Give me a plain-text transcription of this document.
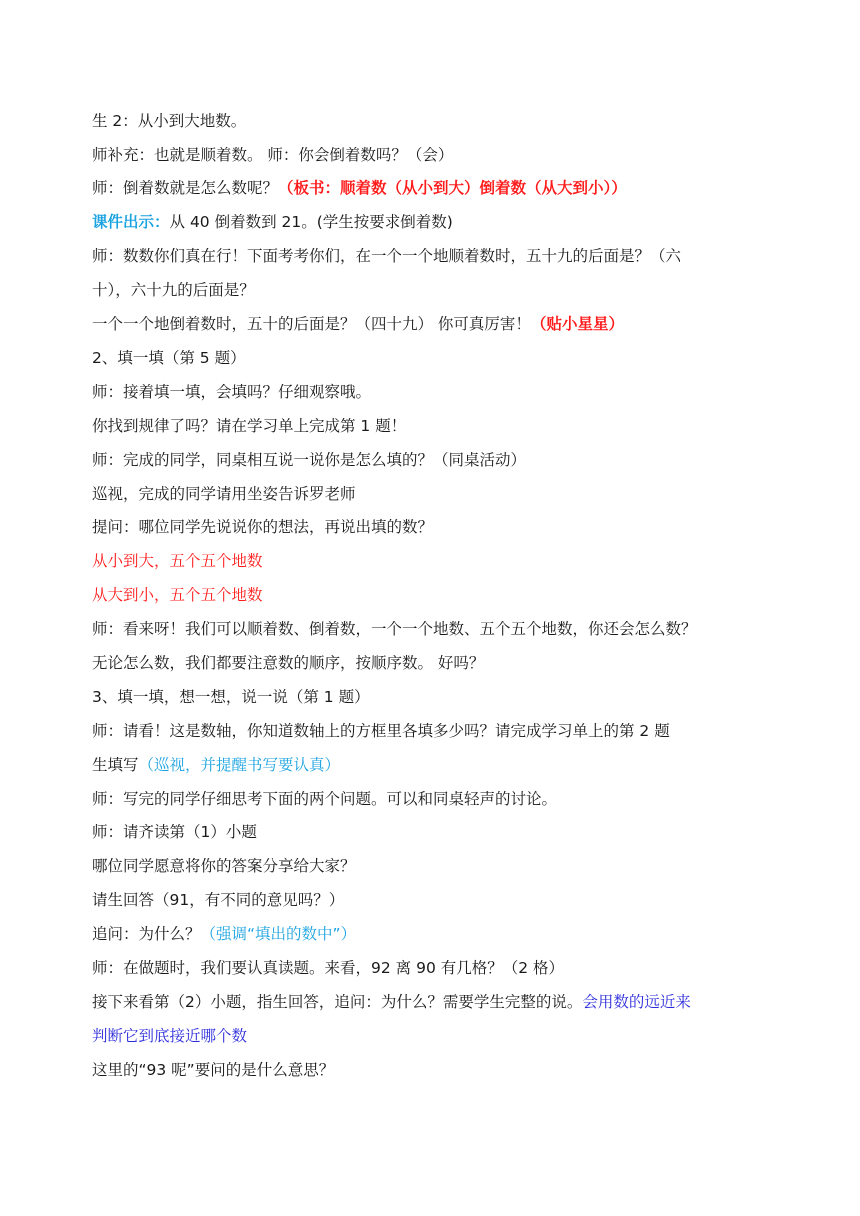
生 2：从小到大地数。
师补充：也就是顺着数。 师：你会倒着数吗？（会）
师：倒着数就是怎么数呢？（板书：顺着数（从小到大）倒着数（从大到小））
课件出示：从 40 倒着数到 21。(学生按要求倒着数)
师：数数你们真在行！下面考考你们，在一个一个地顺着数时，五十九的后面是？（六
十），六十九的后面是？
一个一个地倒着数时，五十的后面是？（四十九） 你可真厉害！（贴小星星）
2、填一填（第 5 题）
师：接着填一填，会填吗？仔细观察哦。
你找到规律了吗？请在学习单上完成第 1 题！
师：完成的同学，同桌相互说一说你是怎么填的？（同桌活动）
巡视，完成的同学请用坐姿告诉罗老师
提问：哪位同学先说说你的想法，再说出填的数？
从小到大，五个五个地数
从大到小，五个五个地数
师：看来呀！我们可以顺着数、倒着数，一个一个地数、五个五个地数，你还会怎么数？
无论怎么数，我们都要注意数的顺序，按顺序数。 好吗？
3、填一填，想一想，说一说（第 1 题）
师：请看！这是数轴，你知道数轴上的方框里各填多少吗？请完成学习单上的第 2 题
生填写（巡视，并提醒书写要认真）
师：写完的同学仔细思考下面的两个问题。可以和同桌轻声的讨论。
师：请齐读第（1）小题
哪位同学愿意将你的答案分享给大家？
请生回答（91，有不同的意见吗？）
追问：为什么？（强调“填出的数中”）
师：在做题时，我们要认真读题。来看，92 离 90 有几格？（2 格）
接下来看第（2）小题，指生回答，追问：为什么？需要学生完整的说。会用数的远近来
判断它到底接近哪个数
这里的“93 呢”要问的是什么意思？
